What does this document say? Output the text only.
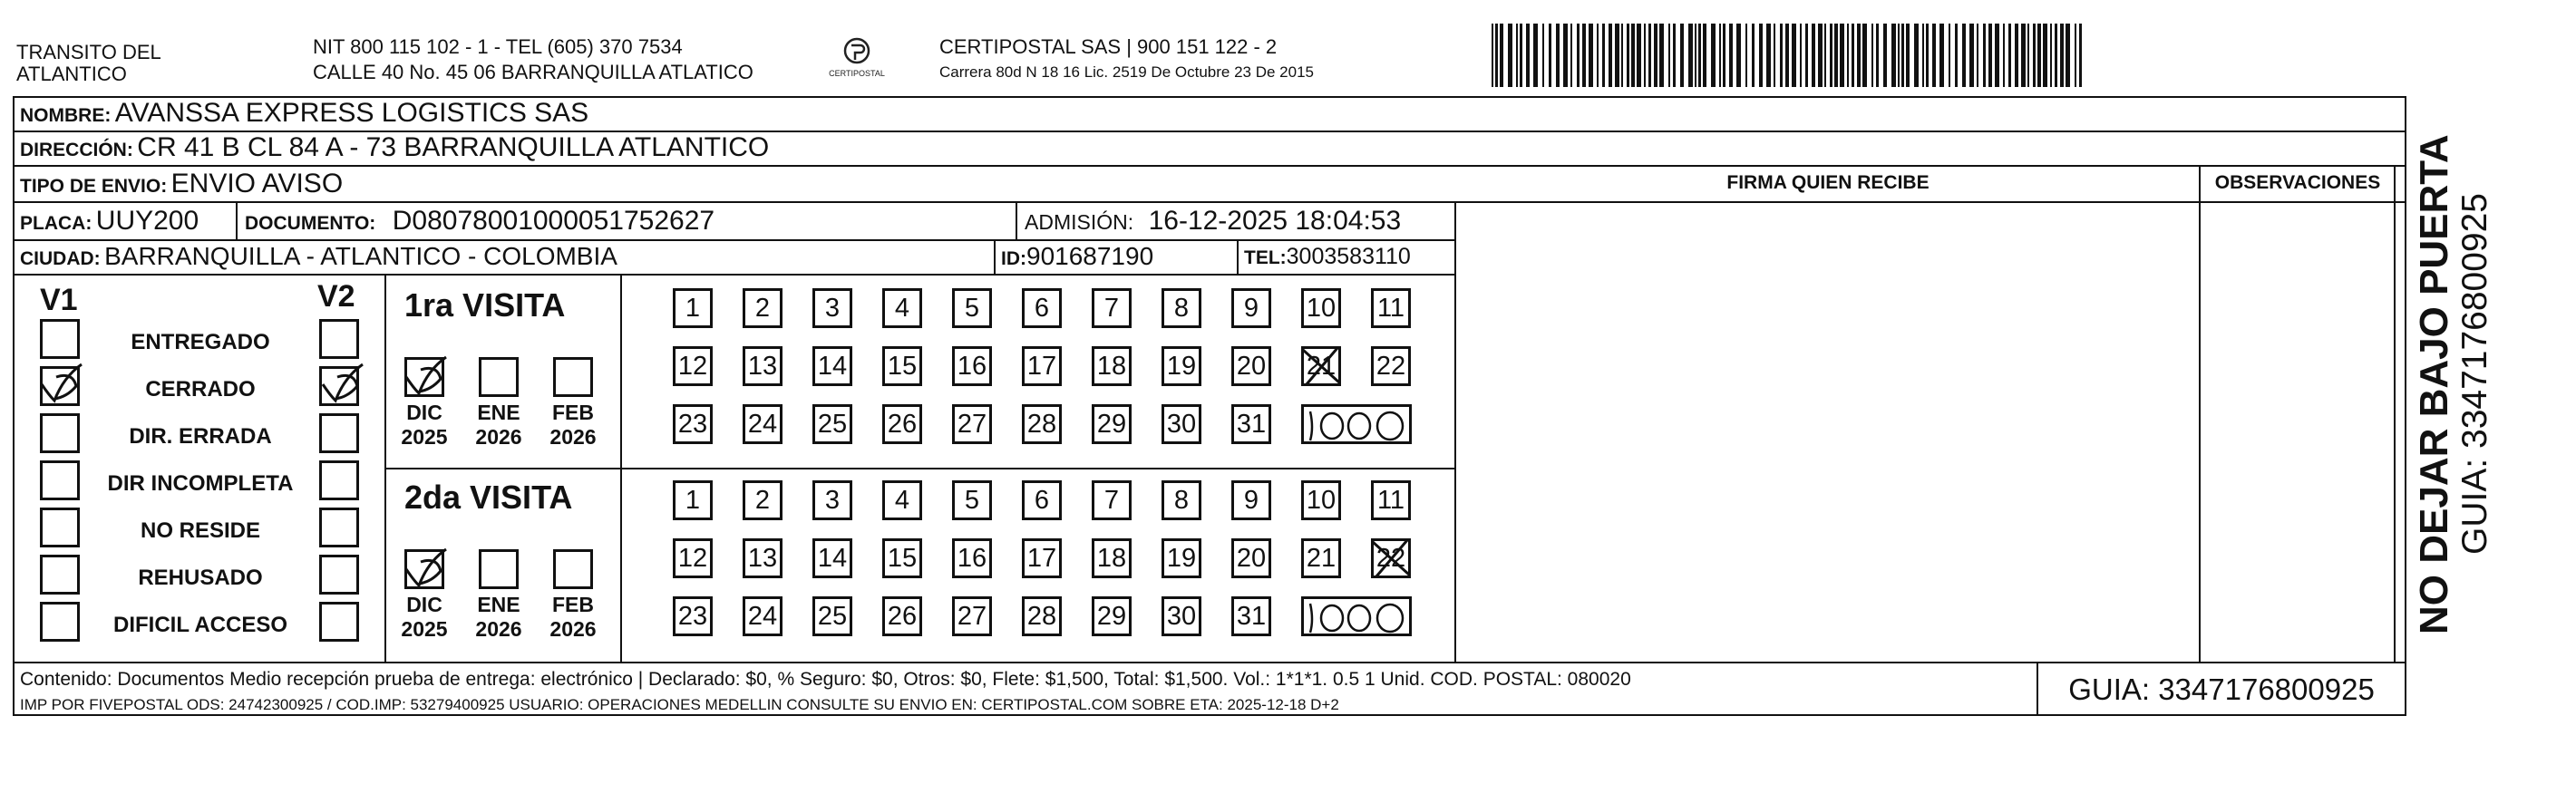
TRANSITO DEL
ATLANTICO
NIT 800 115 102 - 1 - TEL (605) 370 7534
CALLE 40 No. 45 06 BARRANQUILLA ATLATICO	CERTIPOSTAL
CERTIPOSTAL SAS | 900 151 122 - 2
Carrera 80d N 18 16 Lic. 2519 De Octubre 23 De 2015
NOMBRE: AVANSSA EXPRESS LOGISTICS SAS
DIRECCIÓN: CR 41 B CL 84 A - 73 BARRANQUILLA ATLANTICO
TIPO DE ENVIO: ENVIO AVISO	FIRMA QUIEN RECIBE	OBSERVACIONES
PLACA: UUY200 DOCUMENTO: D08078001000051752627	ADMISIÓN: 16-12-2025 18:04:53
CIUDAD: BARRANQUILLA - ATLANTICO - COLOMBIA	ID:901687190	TEL:3003583110
V1	V2
ENTREGADO
CERRADO
DIR. ERRADA
DIR INCOMPLETA
NO RESIDE
REHUSADO
DIFICIL ACCESO
1ra VISITA
2da VISITA
DIC
2025
ENE
2026
FEB
2026
1	2	3	4	5	6	7	8	9	10 11
12 13 14 15 16 17 18 19 20 21 22
23 24 25 26 27 28 29 30 31
DIC
2025
ENE
2026
FEB
2026
1	2	3	4	5	6	7	8	9	10 11
12 13 14 15 16 17 18 19 20 21 22
23 24 25 26 27 28 29 30 31
Contenido: Documentos Medio recepción prueba de entrega: electrónico | Declarado: $0, % Seguro: $0, Otros: $0, Flete: $1,500, Total: $1,500. Vol.: 1*1*1. 0.5 1 Unid. COD. POSTAL: 080020
IMP POR FIVEPOSTAL ODS: 24742300925 / COD.IMP: 53279400925 USUARIO: OPERACIONES MEDELLIN CONSULTE SU ENVIO EN: CERTIPOSTAL.COM SOBRE ETA: 2025-12-18 D+2	GUIA: 3347176800925
NO DEJAR BAJO PUERTA GUIA: 3347176800925
